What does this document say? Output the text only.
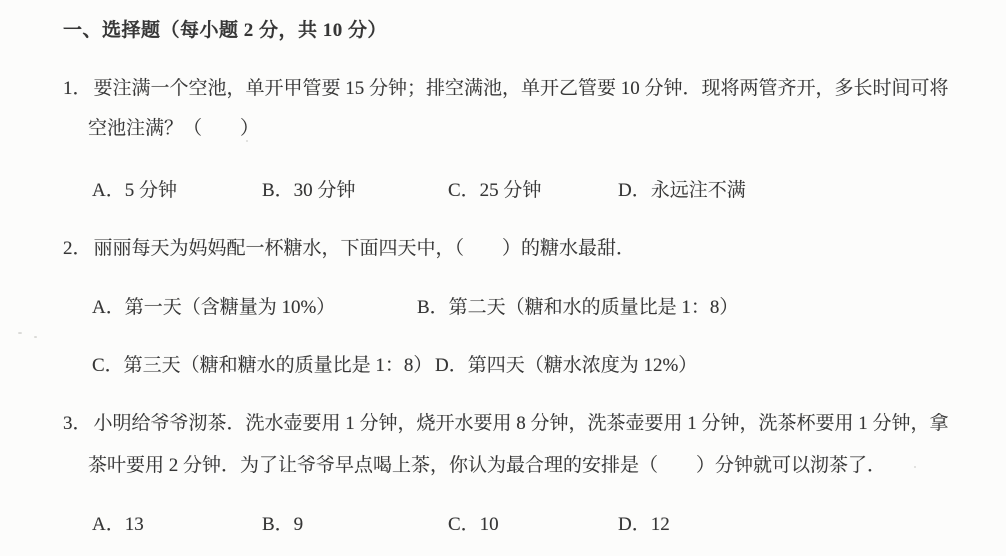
一、选择题（每小题 2 分，共 10 分）
1． 要注满一个空池，单开甲管要 15 分钟；排空满池，单开乙管要 10 分钟．现将两管齐开，多长时间可将
空池注满？（　　）
A．5 分钟	B．30 分钟	C．25 分钟	D．永远注不满
2． 丽丽每天为妈妈配一杯糖水，下面四天中，（　　）的糖水最甜．
A．第一天（含糖量为 10%）	B．第二天（糖和水的质量比是 1：8）
C．第三天（糖和糖水的质量比是 1：8） D．第四天（糖水浓度为 12%）
3． 小明给爷爷沏茶．洗水壶要用 1 分钟，烧开水要用 8 分钟，洗茶壶要用 1 分钟，洗茶杯要用 1 分钟，拿
茶叶要用 2 分钟．为了让爷爷早点喝上茶，你认为最合理的安排是（　　）分钟就可以沏茶了．
A．13	B．9	C．10	D．12
